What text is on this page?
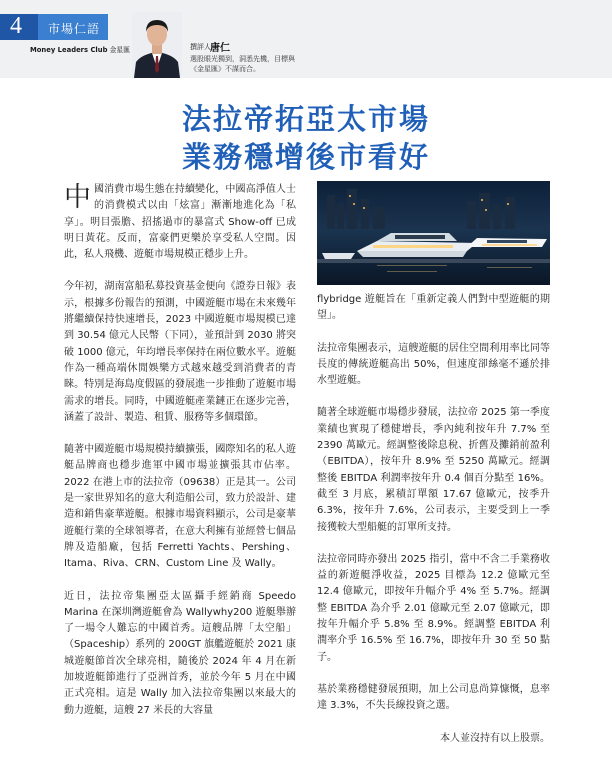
4 市場仁語
Money Leaders Club 金星匯	撰評人 唐仁
選股眼光獨到，洞悉先機，目標與《金星匯》不謀而合。
法拉帝拓亞太市場
業務穩增後市看好

中國消費市場生態在持續變化，中國高淨值人士的消費模式以由「炫富」漸漸地進化為「私享」。明目張膽、招搖過市的暴富式 Show-off 已成明日黃花。反而，富豪們更樂於享受私人空間。因此，私人飛機、遊艇市場規模正穩步上升。

今年初，湖南富船私募投資基金便向《證券日報》表示，根據多份報告的預測，中國遊艇市場在未來幾年將繼續保持快速增長，2023 中國遊艇市場規模已達到 30.54 億元人民幣（下同），並預計到 2030 將突破 1000 億元，年均增長率保持在兩位數水平。遊艇作為一種高端休閒娛樂方式越來越受到消費者的青睞。特別是海島度假區的發展進一步推動了遊艇市場需求的增長。同時，中國遊艇產業鏈正在逐步完善，涵蓋了設計、製造、租賃、服務等多個環節。

隨著中國遊艇市場規模持續擴張，國際知名的私人遊艇品牌商也穩步進軍中國市場並擴張其市佔率。2022 在港上市的法拉帝（09638）正是其一。公司是一家世界知名的意大利造船公司，致力於設計、建造和銷售豪華遊艇。根據市場資料顯示，公司是豪華遊艇行業的全球領導者，在意大利擁有並經營七個品牌及造船廠，包括 Ferretti Yachts、Pershing、Itama、Riva、CRN、Custom Line 及 Wally。

近日，法拉帝集團亞太區攝手經銷商 Speedo Marina 在深圳灣遊艇會為 Wallywhy200 遊艇舉辦了一場令人難忘的中國首秀。這艘品牌「太空船」（Spaceship）系列的 200GT 旗艦遊艇於 2021 康城遊艇節首次全球亮相，隨後於 2024 年 4 月在新加坡遊艇節進行了亞洲首秀，並於今年 5 月在中國正式亮相。這是 Wally 加入法拉帝集團以來最大的動力遊艇，這艘 27 米長的大容量

flybridge 遊艇旨在「重新定義人們對中型遊艇的期望」。

法拉帝集團表示，這艘遊艇的居住空間利用率比同等長度的傳統遊艇高出 50%，但速度卻絲毫不遜於排水型遊艇。

隨著全球遊艇市場穩步發展，法拉帝 2025 第一季度業績也實現了穩健增長，季內純利按年升 7.7% 至 2390 萬歐元。經調整後除息稅、折舊及攤銷前盈利（EBITDA），按年升 8.9% 至 5250 萬歐元。經調整後 EBITDA 利潤率按年升 0.4 個百分點至 16%。截至 3 月底，累積訂單額 17.67 億歐元，按季升 6.3%，按年升 7.6%，公司表示，主要受到上一季接獲較大型船艇的訂單所支持。

法拉帝同時亦發出 2025 指引，當中不含二手業務收益的新遊艇淨收益，2025 目標為 12.2 億歐元至 12.4 億歐元，即按年升幅介乎 4% 至 5.7%。經調整 EBITDA 為介乎 2.01 億歐元至 2.07 億歐元，即按年升幅介乎 5.8% 至 8.9%。經調整 EBITDA 利潤率介乎 16.5% 至 16.7%，即按年升 30 至 50 點子。

基於業務穩健發展預期，加上公司息尚算慷慨，息率達 3.3%，不失長線投資之選。

本人並沒持有以上股票。
